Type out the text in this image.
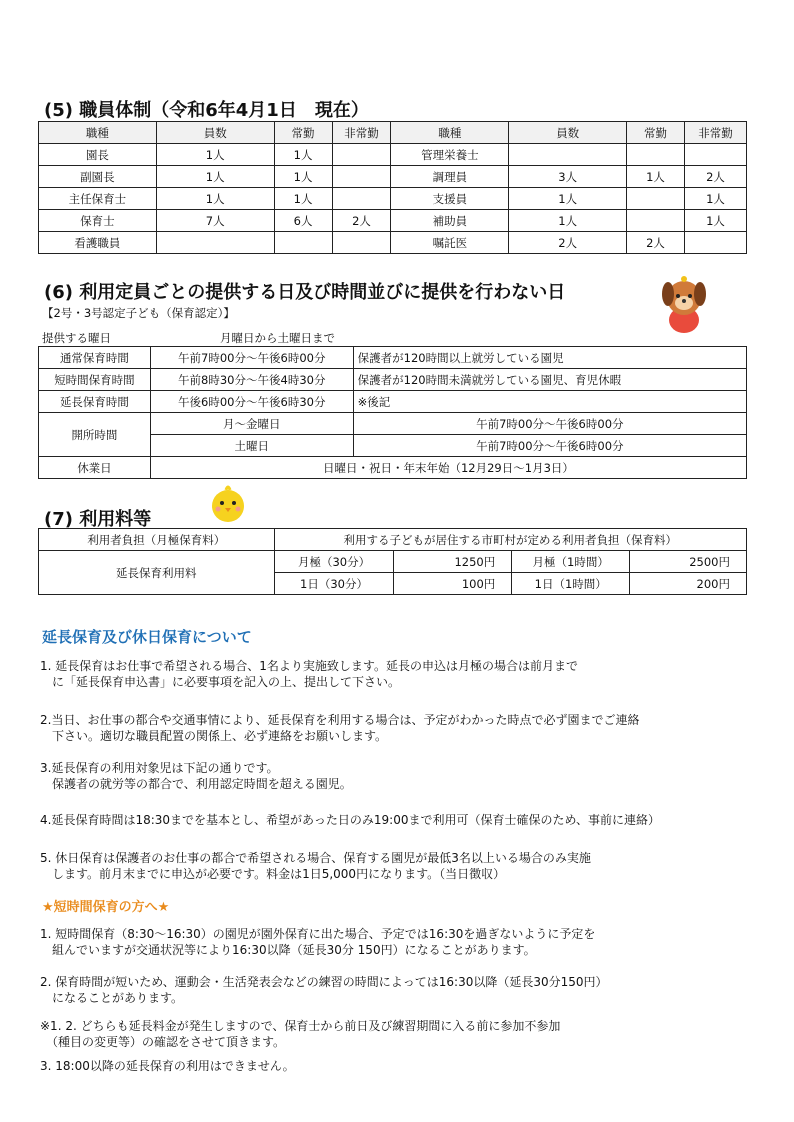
(5) 職員体制（令和6年4月1日　現在）
職種	員数	常勤	非常勤	職種	員数	常勤	非常勤
園長	1人	1人		管理栄養士			
副園長	1人	1人		調理員	3人	1人	2人
主任保育士	1人	1人		支援員	1人		1人
保育士	7人	6人	2人	補助員	1人		1人
看護職員				嘱託医	2人	2人	
(6) 利用定員ごとの提供する日及び時間並びに提供を行わない日
【2号・3号認定子ども（保育認定）】
提供する曜日	月曜日から土曜日まで
通常保育時間	午前7時00分～午後6時00分	保護者が120時間以上就労している園児
短時間保育時間	午前8時30分～午後4時30分	保護者が120時間未満就労している園児、育児休暇
延長保育時間	午後6時00分～午後6時30分	※後記
開所時間	月～金曜日	午前7時00分～午後6時00分
	土曜日	午前7時00分～午後6時00分
休業日	日曜日・祝日・年末年始（12月29日～1月3日）	
(7) 利用料等
利用者負担（月極保育料）	利用する子どもが居住する市町村が定める利用者負担（保育料）			
延長保育利用料	月極（30分）	1250円	月極（1時間）	2500円
	1日（30分）	100円	1日（1時間）	200円
延長保育及び休日保育について
1. 延長保育はお仕事で希望される場合、1名より実施致します。延長の申込は月極の場合は前月まで
　に「延長保育申込書」に必要事項を記入の上、提出して下さい。
2.当日、お仕事の都合や交通事情により、延長保育を利用する場合は、予定がわかった時点で必ず園までご連絡
　下さい。適切な職員配置の関係上、必ず連絡をお願いします。
3.延長保育の利用対象児は下記の通りです。
　保護者の就労等の都合で、利用認定時間を超える園児。
4.延長保育時間は18:30までを基本とし、希望があった日のみ19:00まで利用可（保育士確保のため、事前に連絡）
5. 休日保育は保護者のお仕事の都合で希望される場合、保育する園児が最低3名以上いる場合のみ実施
　します。前月末までに申込が必要です。料金は1日5,000円になります。（当日徴収）
★短時間保育の方へ★
1. 短時間保育（8:30～16:30）の園児が園外保育に出た場合、予定では16:30を過ぎないように予定を
　組んでいますが交通状況等により16:30以降（延長30分 150円）になることがあります。
2. 保育時間が短いため、運動会・生活発表会などの練習の時間によっては16:30以降（延長30分150円）
　になることがあります。
※1. 2. どちらも延長料金が発生しますので、保育士から前日及び練習期間に入る前に参加不参加
　（種目の変更等）の確認をさせて頂きます。
3. 18:00以降の延長保育の利用はできません。
